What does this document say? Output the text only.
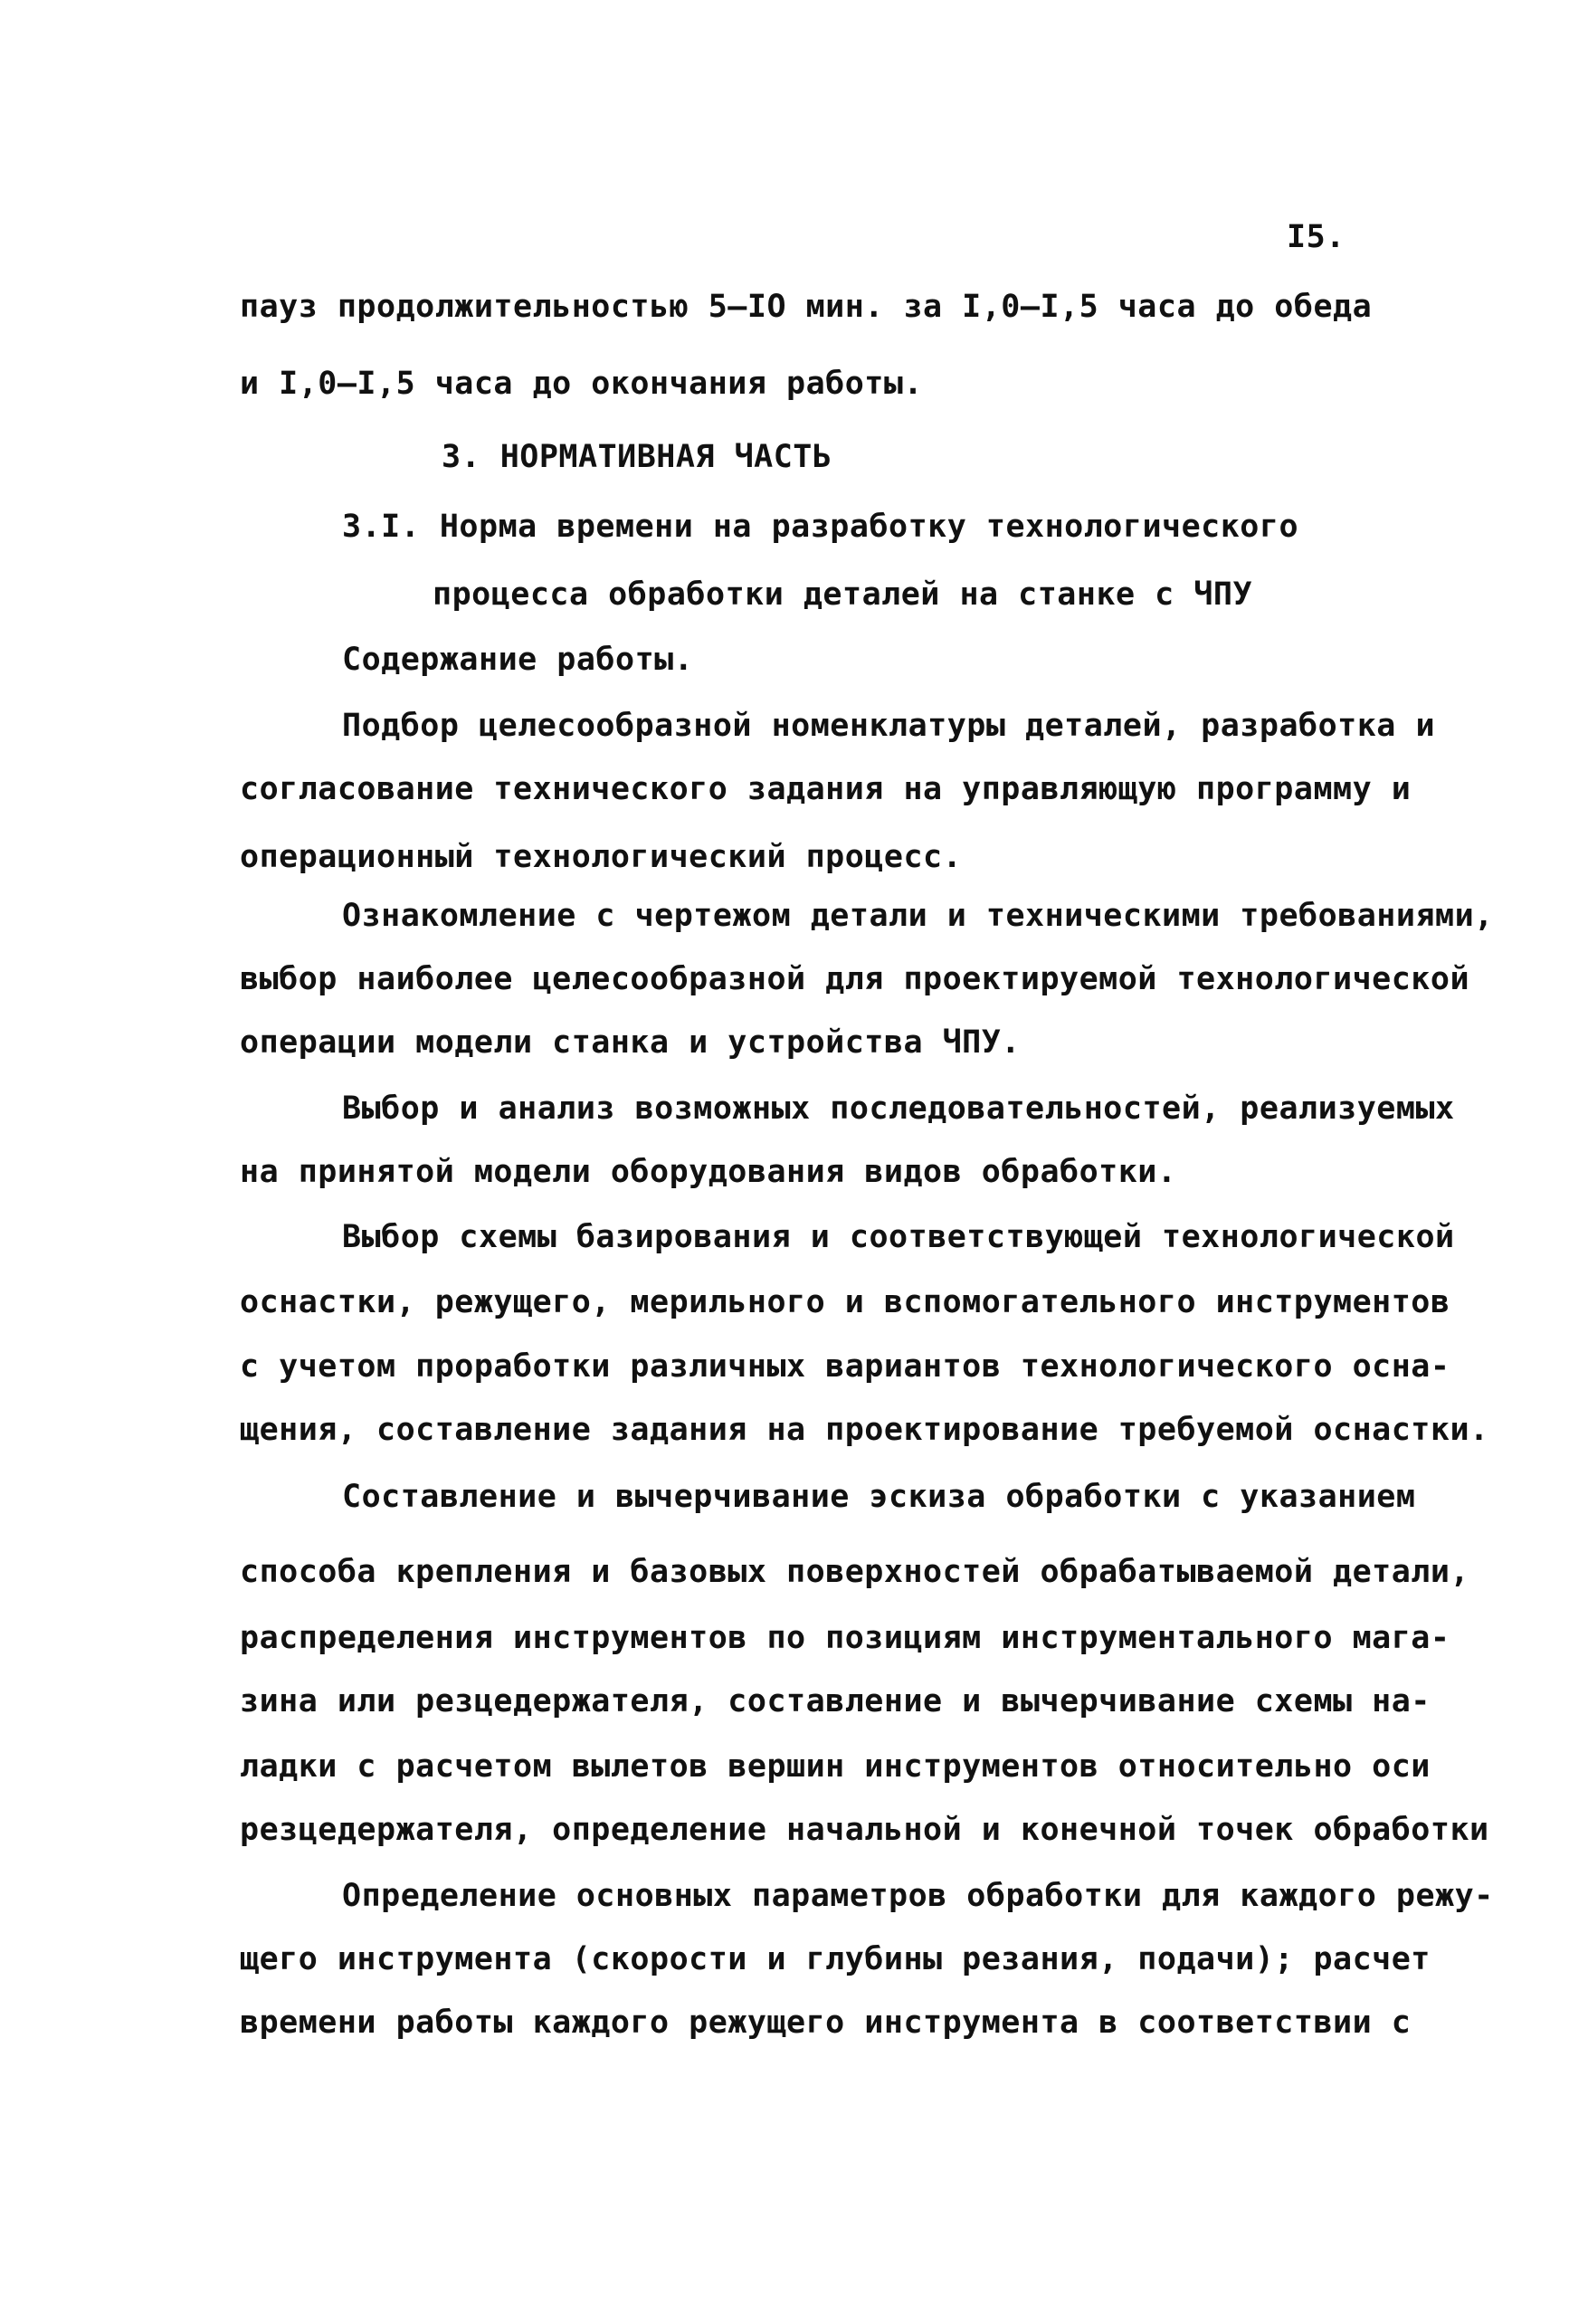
I5.
пауз продолжительностью 5–IO мин. за I,0–I,5 часа до обеда
и I,0–I,5 часа до окончания работы.
3. НОРМАТИВНАЯ ЧАСТЬ
3.I. Норма времени на разработку технологического
процесса обработки деталей на станке с ЧПУ
Содержание работы.
Подбор целесообразной номенклатуры деталей, разработка и
согласование технического задания на управляющую программу и
операционный технологический процесс.
Ознакомление с чертежом детали и техническими требованиями,
выбор наиболее целесообразной для проектируемой технологической
операции модели станка и устройства ЧПУ.
Выбор и анализ возможных последовательностей, реализуемых
на принятой модели оборудования видов обработки.
Выбор схемы базирования и соответствующей технологической
оснастки, режущего, мерильного и вспомогательного инструментов
с учетом проработки различных вариантов технологического осна-
щения, составление задания на проектирование требуемой оснастки.
Составление и вычерчивание эскиза обработки с указанием
способа крепления и базовых поверхностей обрабатываемой детали,
распределения инструментов по позициям инструментального мага-
зина или резцедержателя, составление и вычерчивание схемы на-
ладки с расчетом вылетов вершин инструментов относительно оси
резцедержателя, определение начальной и конечной точек обработки
Определение основных параметров обработки для каждого режу-
щего инструмента (скорости и глубины резания, подачи); расчет
времени работы каждого режущего инструмента в соответствии с
